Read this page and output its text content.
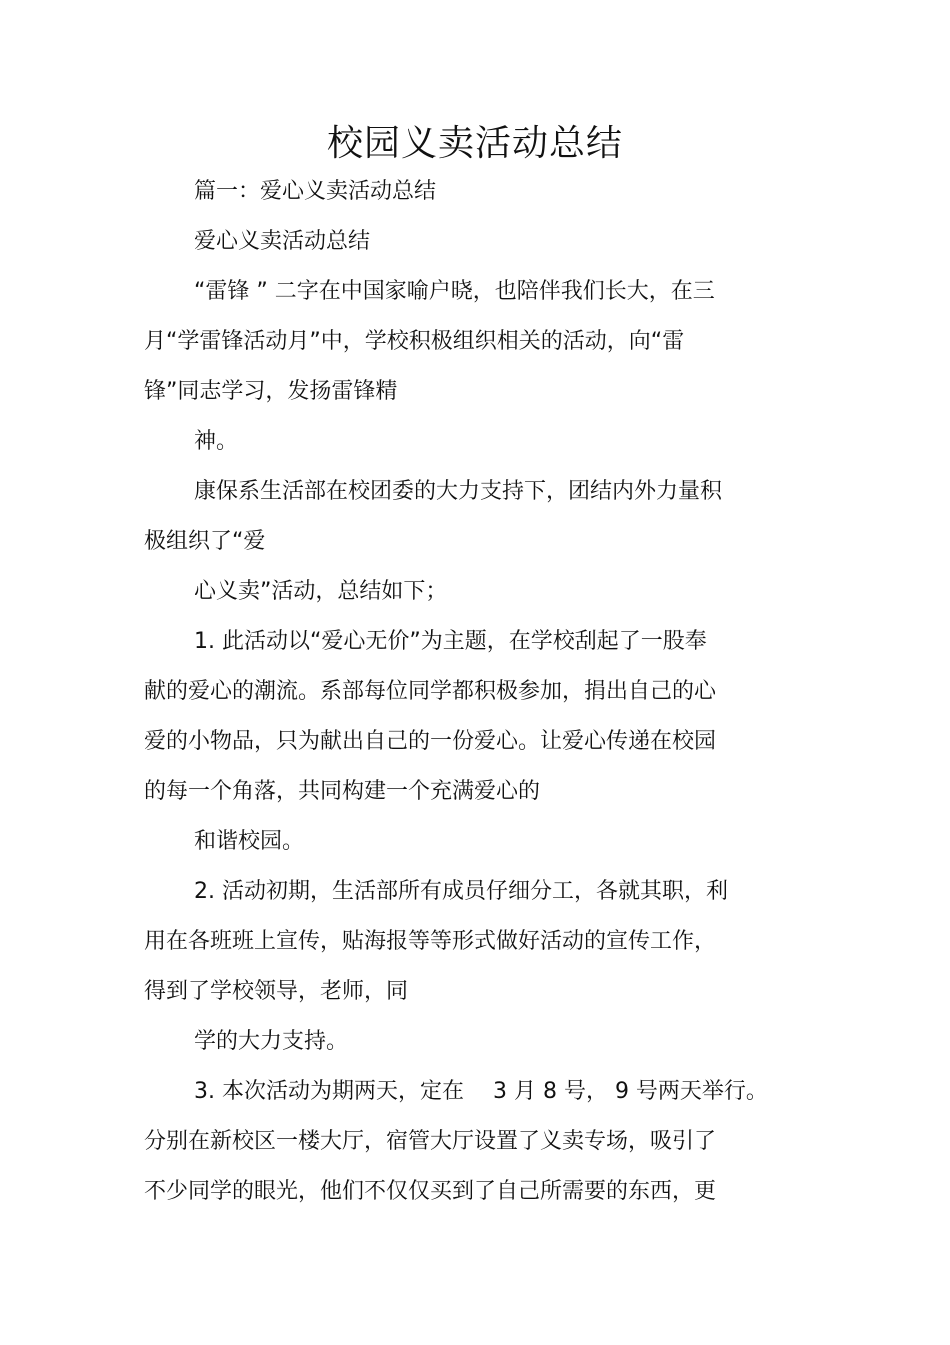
校园义卖活动总结
篇一：爱心义卖活动总结
爱心义卖活动总结
“雷锋 ” 二字在中国家喻户晓，也陪伴我们长大，在三
月“学雷锋活动月”中，学校积极组织相关的活动，向“雷
锋”同志学习，发扬雷锋精
神。
康保系生活部在校团委的大力支持下，团结内外力量积
极组织了“爱
心义卖”活动，总结如下；
1. 此活动以“爱心无价”为主题，在学校刮起了一股奉
献的爱心的潮流。系部每位同学都积极参加，捐出自己的心
爱的小物品，只为献出自己的一份爱心。让爱心传递在校园
的每一个角落，共同构建一个充满爱心的
和谐校园。
2. 活动初期，生活部所有成员仔细分工，各就其职，利
用在各班班上宣传，贴海报等等形式做好活动的宣传工作，
得到了学校领导，老师，同
学的大力支持。
3. 本次活动为期两天，定在　 3 月 8 号， 9 号两天举行。
分别在新校区一楼大厅，宿管大厅设置了义卖专场，吸引了
不少同学的眼光，他们不仅仅买到了自己所需要的东西，更
